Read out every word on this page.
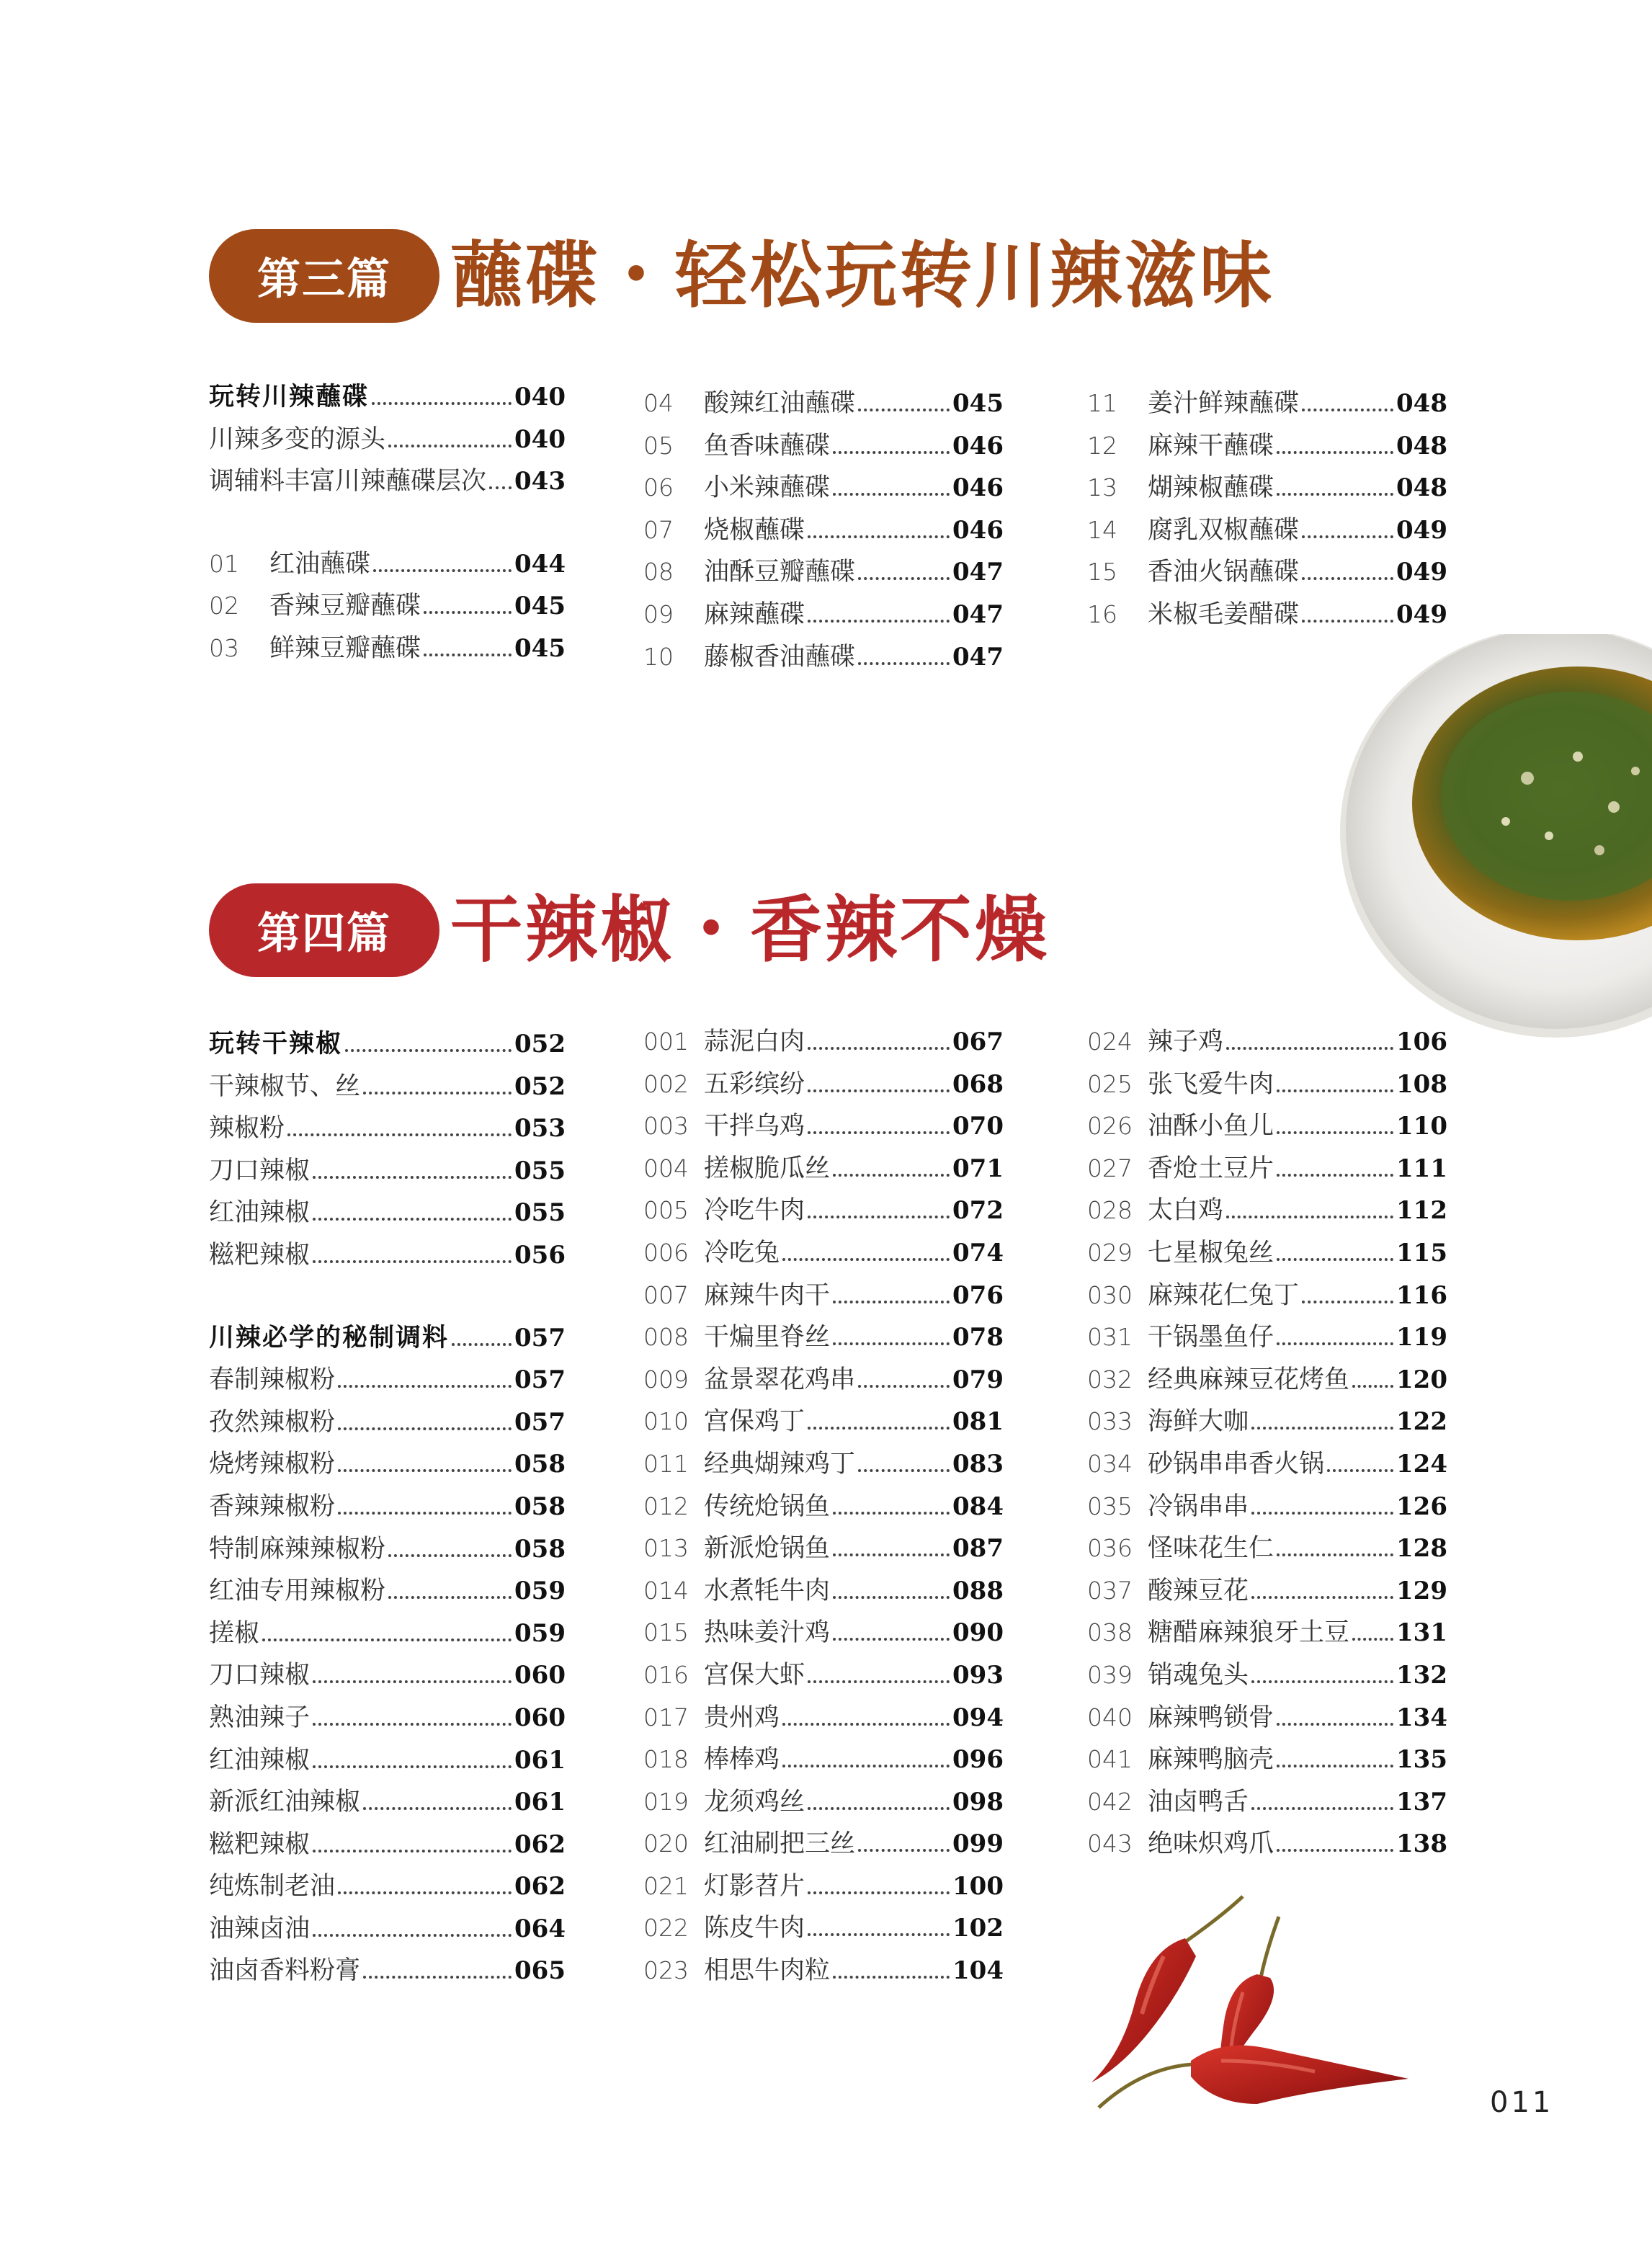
第三篇 蘸碟・轻松玩转川辣滋味
玩转川辣蘸碟	040
川辣多变的源头	040
调辅料丰富川辣蘸碟层次 043
01	红油蘸碟	044
02	香辣豆瓣蘸碟	045
03	鲜辣豆瓣蘸碟	045
04	酸辣红油蘸碟	045
05	鱼香味蘸碟	046
06	小米辣蘸碟	046
07	烧椒蘸碟	046
08	油酥豆瓣蘸碟	047
09	麻辣蘸碟	047
10	藤椒香油蘸碟	047
11	姜汁鲜辣蘸碟	048
12	麻辣干蘸碟	048
13	煳辣椒蘸碟	048
14	腐乳双椒蘸碟	049
15	香油火锅蘸碟	049
16	米椒毛姜醋碟	049
第四篇 干辣椒・香辣不燥
玩转干辣椒	052
干辣椒节、丝	052
辣椒粉	053
刀口辣椒	055
红油辣椒	055
糍粑辣椒	056
川辣必学的秘制调料	057
春制辣椒粉	057
孜然辣椒粉	057
烧烤辣椒粉	058
香辣辣椒粉	058
特制麻辣辣椒粉	058
红油专用辣椒粉	059
搓椒	059
刀口辣椒	060
熟油辣子	060
红油辣椒	061
新派红油辣椒	061
糍粑辣椒	062
纯炼制老油	062
油辣卤油	064
油卤香料粉膏	065
001 蒜泥白肉	067
002 五彩缤纷	068
003 干拌乌鸡	070
004 搓椒脆瓜丝	071
005 冷吃牛肉	072
006 冷吃兔	074
007 麻辣牛肉干	076
008 干煸里脊丝	078
009 盆景翠花鸡串	079
010 宫保鸡丁	081
011 经典煳辣鸡丁	083
012 传统炝锅鱼	084
013 新派炝锅鱼	087
014 水煮牦牛肉	088
015 热味姜汁鸡	090
016 宫保大虾	093
017 贵州鸡	094
018 棒棒鸡	096
019 龙须鸡丝	098
020 红油刷把三丝	099
021 灯影苕片	100
022 陈皮牛肉	102
023 相思牛肉粒	104
024 辣子鸡	106
025 张飞爱牛肉	108
026 油酥小鱼儿	110
027 香炝土豆片	111
028 太白鸡	112
029 七星椒兔丝	115
030 麻辣花仁兔丁	116
031 干锅墨鱼仔	119
032 经典麻辣豆花烤鱼 120
033 海鲜大咖	122
034 砂锅串串香火锅	124
035 冷锅串串	126
036 怪味花生仁	128
037 酸辣豆花	129
038 糖醋麻辣狼牙土豆 131
039 销魂兔头	132
040 麻辣鸭锁骨	134
041 麻辣鸭脑壳	135
042 油卤鸭舌	137
043 绝味炽鸡爪	138
011
